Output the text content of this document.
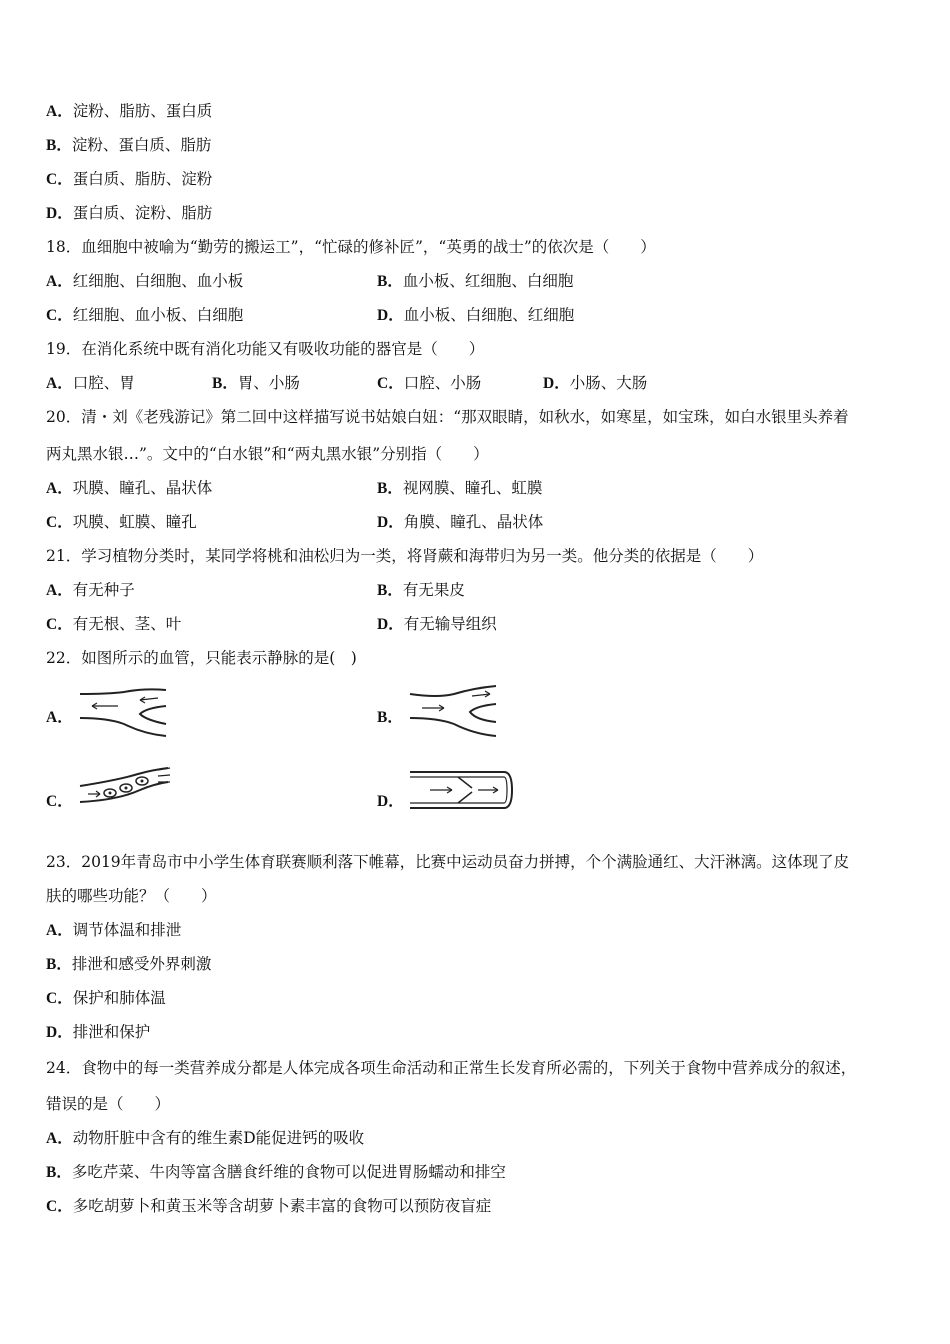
A．淀粉、脂肪、蛋白质
B．淀粉、蛋白质、脂肪
C．蛋白质、脂肪、淀粉
D．蛋白质、淀粉、脂肪
18．血细胞中被喻为“勤劳的搬运工”，“忙碌的修补匠”，“英勇的战士”的依次是（　　）
A．红细胞、白细胞、血小板	B．血小板、红细胞、白细胞
C．红细胞、血小板、白细胞	D．血小板、白细胞、红细胞
19．在消化系统中既有消化功能又有吸收功能的器官是（　　）
A．口腔、胃	B．胃、小肠	C．口腔、小肠	D．小肠、大肠
20．清・刘《老残游记》第二回中这样描写说书姑娘白妞：“那双眼睛，如秋水，如寒星，如宝珠，如白水银里头养着
两丸黑水银…”。文中的“白水银”和“两丸黑水银”分别指（　　）
A．巩膜、瞳孔、晶状体	B．视网膜、瞳孔、虹膜
C．巩膜、虹膜、瞳孔	D．角膜、瞳孔、晶状体
21．学习植物分类时，某同学将桃和油松归为一类，将肾蕨和海带归为另一类。他分类的依据是（　　）
A．有无种子	B．有无果皮
C．有无根、茎、叶	D．有无输导组织
22．如图所示的血管，只能表示静脉的是(　)
A．	B．
C．	D．
23．2019年青岛市中小学生体育联赛顺利落下帷幕，比赛中运动员奋力拼搏，个个满脸通红、大汗淋漓。这体现了皮
肤的哪些功能？（　　）
A．调节体温和排泄
B．排泄和感受外界刺激
C．保护和肺体温
D．排泄和保护
24．食物中的每一类营养成分都是人体完成各项生命活动和正常生长发育所必需的，下列关于食物中营养成分的叙述，
错误的是（　　）
A．动物肝脏中含有的维生素D能促进钙的吸收
B．多吃芹菜、牛肉等富含膳食纤维的食物可以促进胃肠蠕动和排空
C．多吃胡萝卜和黄玉米等含胡萝卜素丰富的食物可以预防夜盲症
